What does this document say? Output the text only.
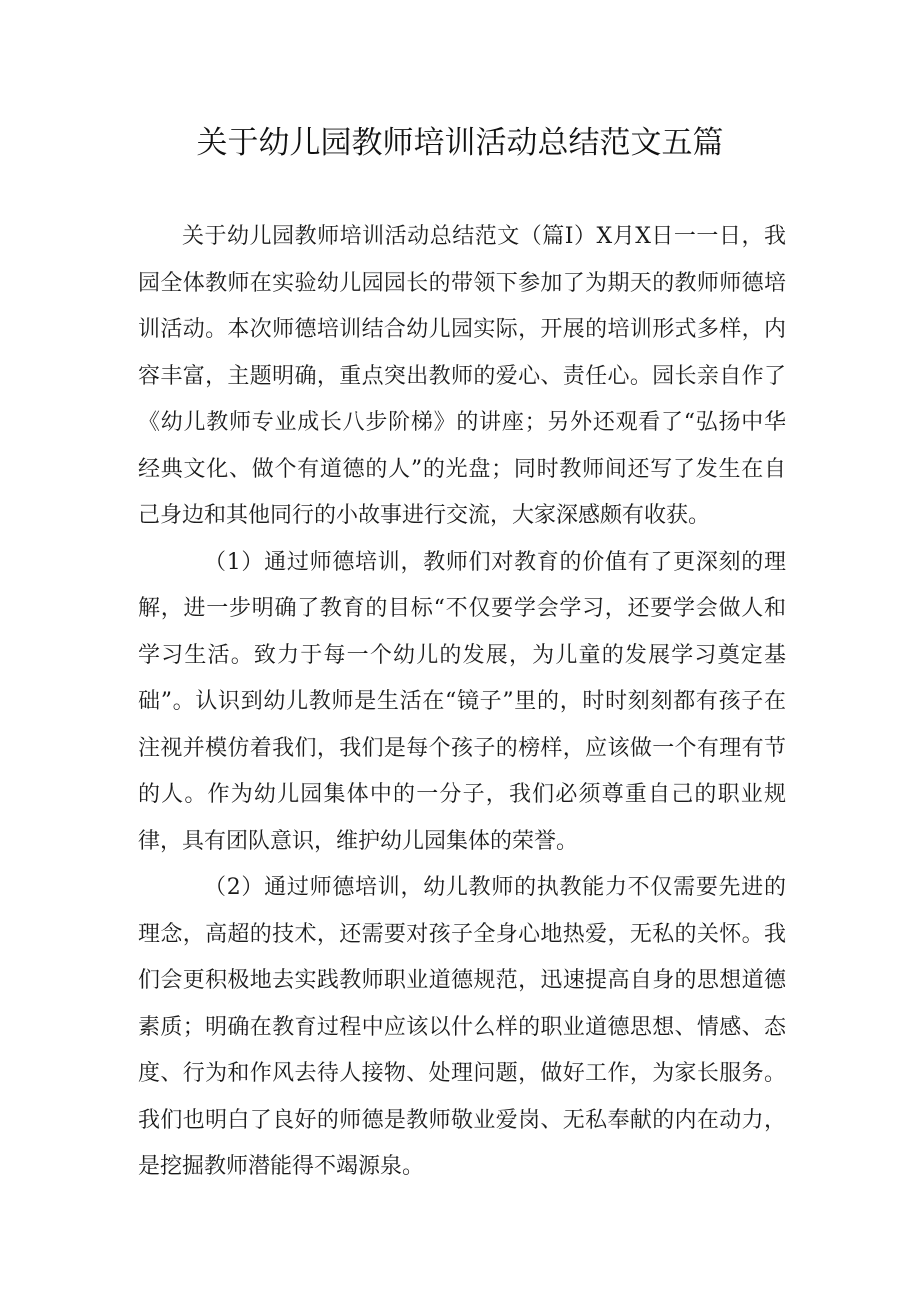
关于幼儿园教师培训活动总结范文五篇

关于幼儿园教师培训活动总结范文（篇Ⅰ）X月X日一一日，我园全体教师在实验幼儿园园长的带领下参加了为期天的教师师德培训活动。本次师德培训结合幼儿园实际，开展的培训形式多样，内容丰富，主题明确，重点突出教师的爱心、责任心。园长亲自作了《幼儿教师专业成长八步阶梯》的讲座；另外还观看了“弘扬中华经典文化、做个有道德的人”的光盘；同时教师间还写了发生在自己身边和其他同行的小故事进行交流，大家深感颇有收获。

（1）通过师德培训，教师们对教育的价值有了更深刻的理解，进一步明确了教育的目标“不仅要学会学习，还要学会做人和学习生活。致力于每一个幼儿的发展，为儿童的发展学习奠定基础”。认识到幼儿教师是生活在“镜子”里的，时时刻刻都有孩子在注视并模仿着我们，我们是每个孩子的榜样，应该做一个有理有节的人。作为幼儿园集体中的一分子，我们必须尊重自己的职业规律，具有团队意识，维护幼儿园集体的荣誉。

（2）通过师德培训，幼儿教师的执教能力不仅需要先进的理念，高超的技术，还需要对孩子全身心地热爱，无私的关怀。我们会更积极地去实践教师职业道德规范，迅速提高自身的思想道德素质；明确在教育过程中应该以什么样的职业道德思想、情感、态度、行为和作风去待人接物、处理问题，做好工作，为家长服务。我们也明白了良好的师德是教师敬业爱岗、无私奉献的内在动力，是挖掘教师潜能得不竭源泉。
